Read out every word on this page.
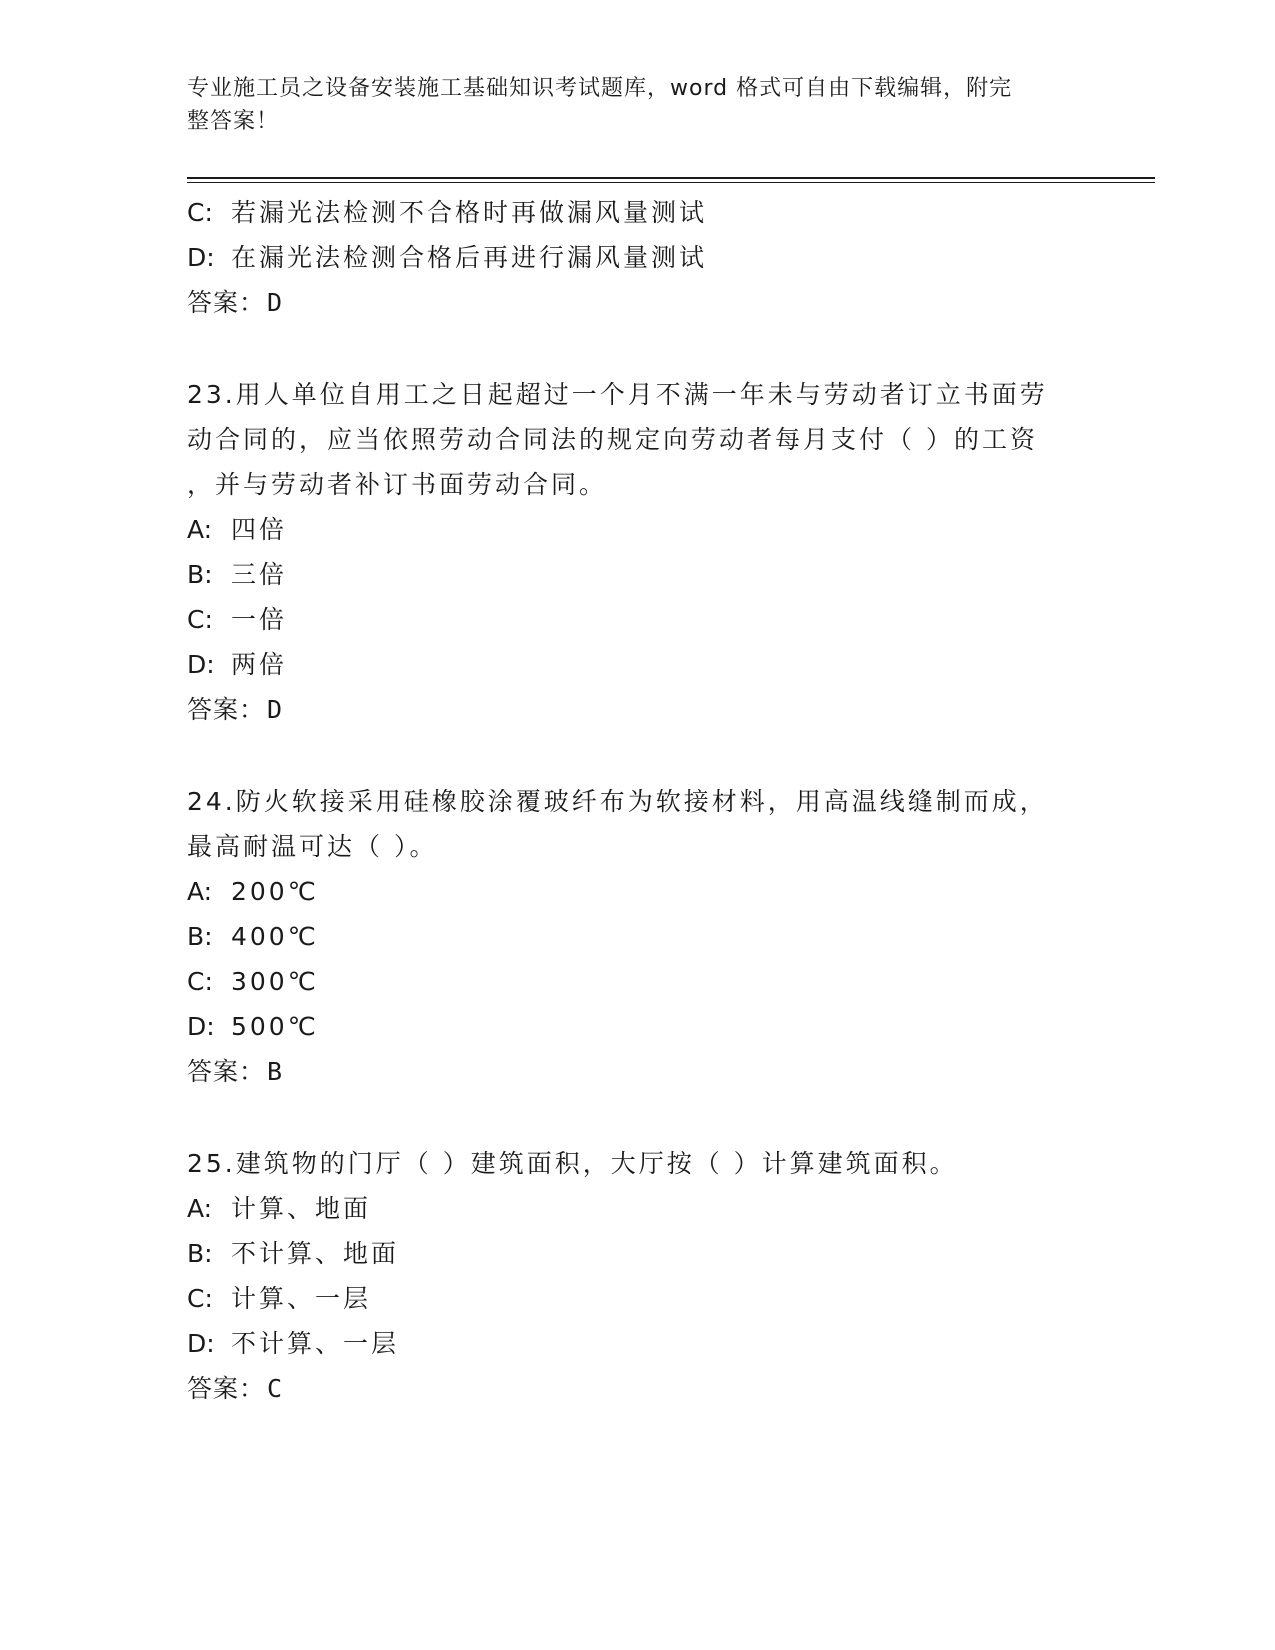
专业施工员之设备安装施工基础知识考试题库，word 格式可自由下载编辑，附完
整答案！
C: 若漏光法检测不合格时再做漏风量测试
D: 在漏光法检测合格后再进行漏风量测试
答案：D
23.用人单位自用工之日起超过一个月不满一年未与劳动者订立书面劳
动合同的，应当依照劳动合同法的规定向劳动者每月支付（ ）的工资
，并与劳动者补订书面劳动合同。
A: 四倍
B: 三倍
C: 一倍
D: 两倍
答案：D
24.防火软接采用硅橡胶涂覆玻纤布为软接材料，用高温线缝制而成，
最高耐温可达（ ）。
A: 200℃
B: 400℃
C: 300℃
D: 500℃
答案：B
25.建筑物的门厅（ ）建筑面积，大厅按（ ）计算建筑面积。
A: 计算、地面
B: 不计算、地面
C: 计算、一层
D: 不计算、一层
答案：C
